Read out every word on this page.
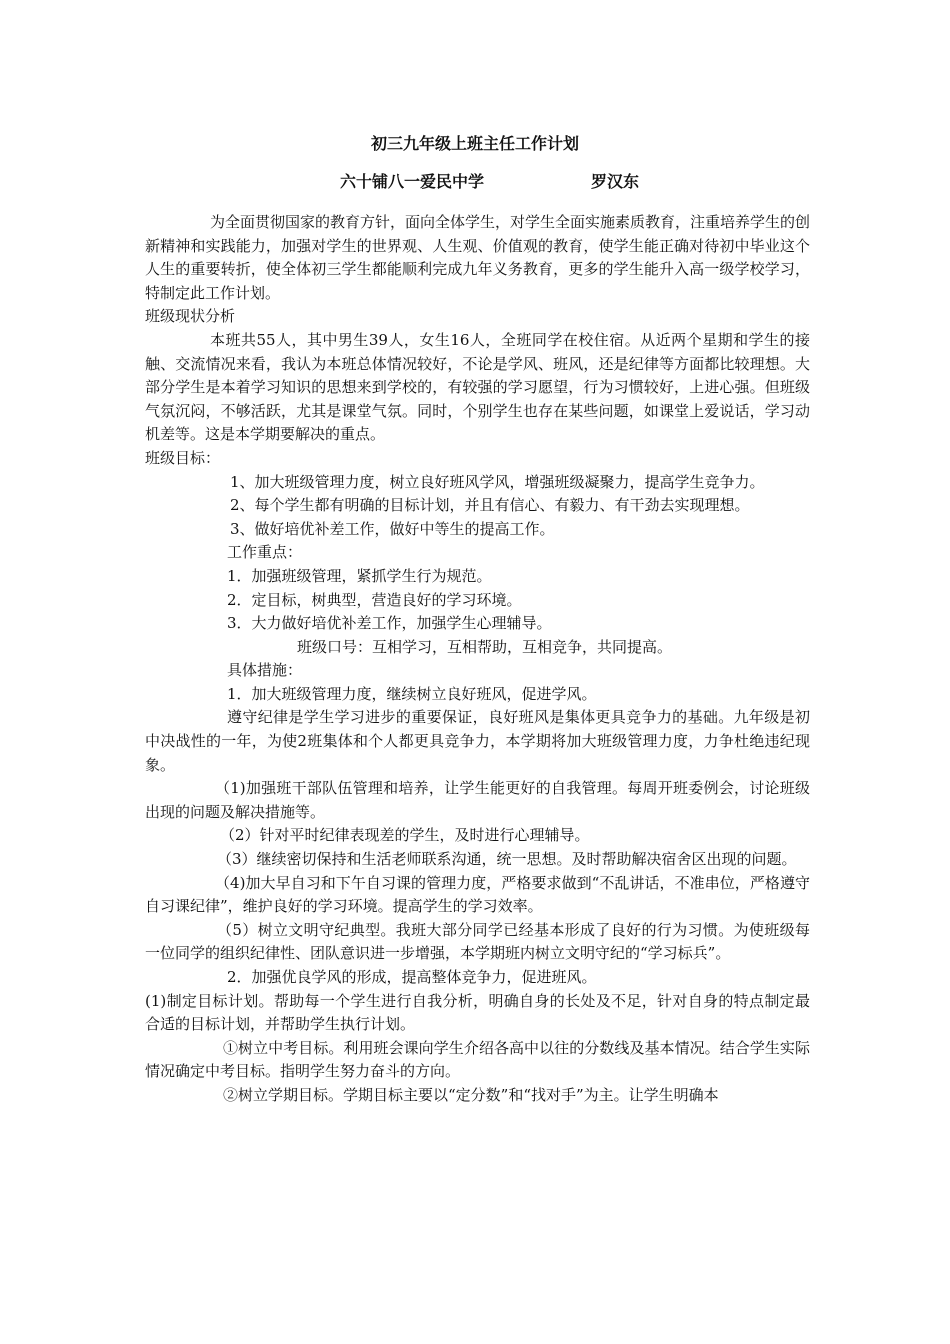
初三九年级上班主任工作计划
六十铺八一爱民中学	罗汉东

为全面贯彻国家的教育方针，面向全体学生，对学生全面实施素质教育，注重培养学生的创新精神和实践能力，加强对学生的世界观、人生观、价值观的教育，使学生能正确对待初中毕业这个人生的重要转折，使全体初三学生都能顺利完成九年义务教育，更多的学生能升入高一级学校学习，特制定此工作计划。

班级现状分析

本班共55人，其中男生39人，女生16人，全班同学在校住宿。从近两个星期和学生的接触、交流情况来看，我认为本班总体情况较好，不论是学风、班风，还是纪律等方面都比较理想。大部分学生是本着学习知识的思想来到学校的，有较强的学习愿望，行为习惯较好，上进心强。但班级气氛沉闷，不够活跃，尤其是课堂气氛。同时，个别学生也存在某些问题，如课堂上爱说话，学习动机差等。这是本学期要解决的重点。

班级目标：

1、加大班级管理力度，树立良好班风学风，增强班级凝聚力，提高学生竞争力。

2、每个学生都有明确的目标计划，并且有信心、有毅力、有干劲去实现理想。

3、做好培优补差工作，做好中等生的提高工作。

工作重点：

1．加强班级管理，紧抓学生行为规范。

2．定目标，树典型，营造良好的学习环境。

3．大力做好培优补差工作，加强学生心理辅导。

班级口号：互相学习，互相帮助，互相竞争，共同提高。

具体措施：

1．加大班级管理力度，继续树立良好班风，促进学风。

遵守纪律是学生学习进步的重要保证，良好班风是集体更具竞争力的基础。九年级是初中决战性的一年，为使2班集体和个人都更具竞争力，本学期将加大班级管理力度，力争杜绝违纪现象。

（1)加强班干部队伍管理和培养，让学生能更好的自我管理。每周开班委例会，讨论班级出现的问题及解决措施等。

（2）针对平时纪律表现差的学生，及时进行心理辅导。

（3）继续密切保持和生活老师联系沟通，统一思想。及时帮助解决宿舍区出现的问题。

（4)加大早自习和下午自习课的管理力度，严格要求做到“不乱讲话，不准串位，严格遵守自习课纪律”，维护良好的学习环境。提高学生的学习效率。

（5）树立文明守纪典型。我班大部分同学已经基本形成了良好的行为习惯。为使班级每一位同学的组织纪律性、团队意识进一步增强，本学期班内树立文明守纪的“学习标兵”。

2．加强优良学风的形成，提高整体竞争力，促进班风。

(1)制定目标计划。帮助每一个学生进行自我分析，明确自身的长处及不足，针对自身的特点制定最合适的目标计划，并帮助学生执行计划。

①树立中考目标。利用班会课向学生介绍各高中以往的分数线及基本情况。结合学生实际情况确定中考目标。指明学生努力奋斗的方向。

②树立学期目标。学期目标主要以“定分数”和“找对手”为主。让学生明确本
